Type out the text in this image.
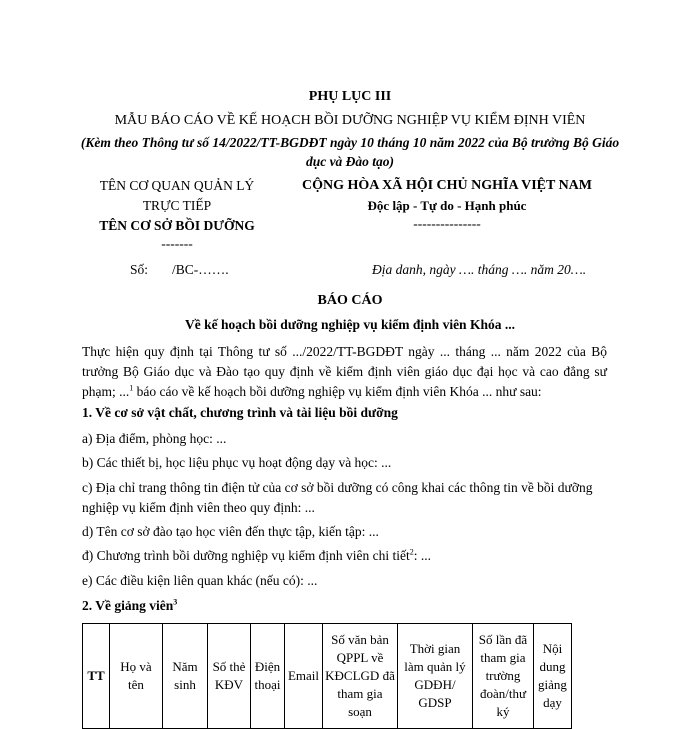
PHỤ LỤC III
MẪU BÁO CÁO VỀ KẾ HOẠCH BỒI DƯỠNG NGHIỆP VỤ KIỂM ĐỊNH VIÊN
(Kèm theo Thông tư số 14/2022/TT-BGDĐT ngày 10 tháng 10 năm 2022 của Bộ trưởng Bộ Giáo dục và Đào tạo)
TÊN CƠ QUAN QUẢN LÝ
TRỰC TIẾP
TÊN CƠ SỞ BỒI DƯỠNG
-------
CỘNG HÒA XÃ HỘI CHỦ NGHĨA VIỆT NAM
Độc lập - Tự do - Hạnh phúc
---------------
Số: /BC-…….	Địa danh, ngày …. tháng …. năm 20….
BÁO CÁO
Về kế hoạch bồi dưỡng nghiệp vụ kiểm định viên Khóa ...
Thực hiện quy định tại Thông tư số .../2022/TT-BGDĐT ngày ... tháng ... năm 2022 của Bộ trưởng Bộ Giáo dục và Đào tạo quy định về kiểm định viên giáo dục đại học và cao đẳng sư phạm; ...$^1$ báo cáo về kế hoạch bồi dưỡng nghiệp vụ kiểm định viên Khóa ... như sau:
1. Về cơ sở vật chất, chương trình và tài liệu bồi dưỡng
a) Địa điểm, phòng học: ...
b) Các thiết bị, học liệu phục vụ hoạt động dạy và học: ...
c) Địa chỉ trang thông tin điện tử của cơ sở bồi dưỡng có công khai các thông tin về bồi dưỡng nghiệp vụ kiểm định viên theo quy định: ...
d) Tên cơ sở đào tạo học viên đến thực tập, kiến tập: ...
đ) Chương trình bồi dưỡng nghiệp vụ kiểm định viên chi tiết$^2$: ...
e) Các điều kiện liên quan khác (nếu có): ...
2. Về giảng viên$^3$
TT	Họ và tên	Năm sinh	Số thẻ KĐV	Điện thoại	Email	Số văn bản QPPL về KĐCLGD đã tham gia soạn	Thời gian làm quản lý GDĐH/ GDSP	Số lần đã tham gia trường đoàn/thư ký	Nội dung giảng dạy
